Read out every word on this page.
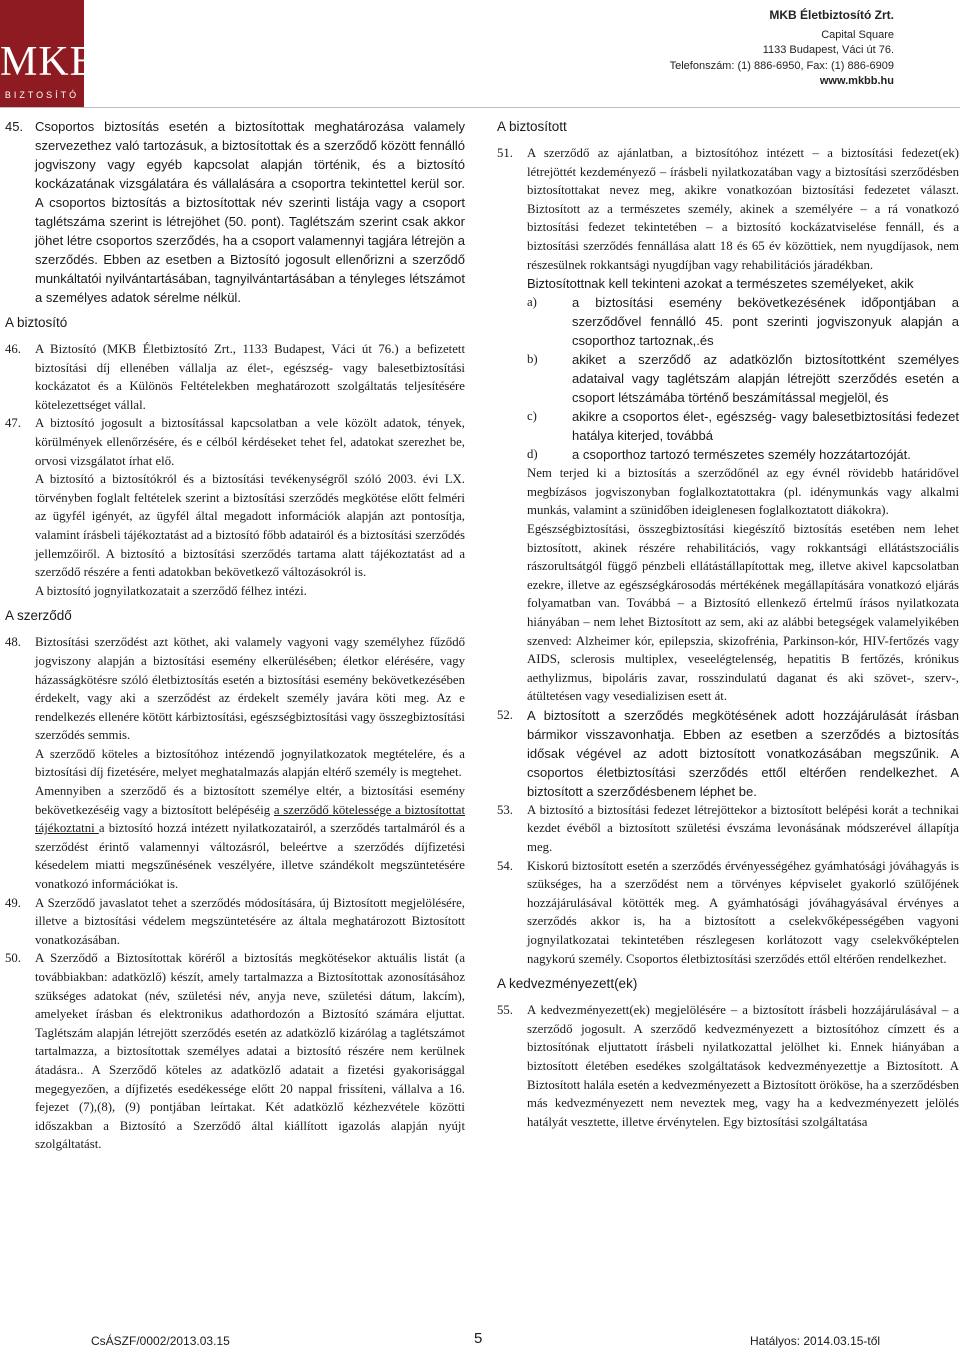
MKB
BIZTOSÍTÓ
MKB Életbiztosító Zrt.
Capital Square
1133 Budapest, Váci út 76.
Telefonszám: (1) 886-6950, Fax: (1) 886-6909
www.mkbb.hu
45. Csoportos biztosítás esetén a biztosítottak meghatározása valamely szervezethez való tartozásuk, a biztosítottak és a szerződő között fennálló jogviszony vagy egyéb kapcsolat alapján történik, és a biztosító kockázatának vizsgálatára és vállalására a csoportra tekintettel kerül sor. A csoportos biztosítás a biztosítottak név szerinti listája vagy a csoport taglétszáma szerint is létrejöhet (50. pont). Taglétszám szerint csak akkor jöhet létre csoportos szerződés, ha a csoport valamennyi tagjára létrejön a szerződés. Ebben az esetben a Biztosító jogosult ellenőrizni a szerződő munkáltatói nyilvántartásában, tagnyilvántartásában a tényleges létszámot a személyes adatok sérelme nélkül.
A biztosító
46. A Biztosító (MKB Életbiztosító Zrt., 1133 Budapest, Váci út 76.) a befizetett biztosítási díj ellenében vállalja az élet-, egészség- vagy balesetbiztosítási kockázatot és a Különös Feltételekben meghatározott szolgáltatás teljesítésére kötelezettséget vállal.
47. A biztosító jogosult a biztosítással kapcsolatban a vele közölt adatok, tények, körülmények ellenőrzésére, és e célból kérdéseket tehet fel, adatokat szerezhet be, orvosi vizsgálatot írhat elő.
A biztosító a biztosítókról és a biztosítási tevékenységről szóló 2003. évi LX. törvényben foglalt feltételek szerint a biztosítási szerződés megkötése előtt felméri az ügyfél igényét, az ügyfél által megadott információk alapján azt pontosítja, valamint írásbeli tájékoztatást ad a biztosító főbb adatairól és a biztosítási szerződés jellemzőiről. A biztosító a biztosítási szerződés tartama alatt tájékoztatást ad a szerződő részére a fenti adatokban bekövetkező változásokról is.
A biztosító jognyilatkozatait a szerződő félhez intézi.
A szerződő
48. Biztosítási szerződést azt köthet, aki valamely vagyoni vagy személyhez fűződő jogviszony alapján a biztosítási esemény elkerülésében; életkor elérésére, vagy házasságkötésre szóló életbiztosítás esetén a biztosítási esemény bekövetkezésében érdekelt, vagy aki a szerződést az érdekelt személy javára köti meg. Az e rendelkezés ellenére kötött kárbiztosítási, egészségbiztosítási vagy összegbiztosítási szerződés semmis.
A szerződő köteles a biztosítóhoz intézendő jognyilatkozatok megtételére, és a biztosítási díj fizetésére, melyet meghatalmazás alapján eltérő személy is megtehet.
Amennyiben a szerződő és a biztosított személye eltér, a biztosítási esemény bekövetkezéséig vagy a biztosított belépéséig a szerződő kötelessége a biztosítottat tájékoztatni a biztosító hozzá intézett nyilatkozatairól, a szerződés tartalmáról és a szerződést érintő valamennyi változásról, beleértve a szerződés díjfizetési késedelem miatti megszűnésének veszélyére, illetve szándékolt megszüntetésére vonatkozó információkat is.
49. A Szerződő javaslatot tehet a szerződés módosítására, új Biztosított megjelölésére, illetve a biztosítási védelem megszüntetésére az általa meghatározott Biztosított vonatkozásában.
50. A Szerződő a Biztosítottak köréről a biztosítás megkötésekor aktuális listát (a továbbiakban: adatközlő) készít, amely tartalmazza a Biztosítottak azonosításához szükséges adatokat (név, születési név, anyja neve, születési dátum, lakcím), amelyeket írásban és elektronikus adathordozón a Biztosító számára eljuttat. Taglétszám alapján létrejött szerződés esetén az adatközlő kizárólag a taglétszámot tartalmazza, a biztosítottak személyes adatai a biztosító részére nem kerülnek átadásra.. A Szerződő köteles az adatközlő adatait a fizetési gyakorisággal megegyezően, a díjfizetés esedékessége előtt 20 nappal frissíteni, vállalva a 16. fejezet (7),(8), (9) pontjában leírtakat. Két adatközlő kézhezvétele közötti időszakban a Biztosító a Szerződő által kiállított igazolás alapján nyújt szolgáltatást.
A biztosított
51. A szerződő az ajánlatban, a biztosítóhoz intézett – a biztosítási fedezet(ek) létrejöttét kezdeményező – írásbeli nyilatkozatában vagy a biztosítási szerződésben biztosítottakat nevez meg, akikre vonatkozóan biztosítási fedezetet választ. Biztosított az a természetes személy, akinek a személyére – a rá vonatkozó biztosítási fedezet tekintetében – a biztosító kockázatviselése fennáll, és a biztosítási szerződés fennállása alatt 18 és 65 év közöttiek, nem nyugdíjasok, nem részesülnek rokkantsági nyugdíjban vagy rehabilitációs járadékban.
Biztosítottnak kell tekinteni azokat a természetes személyeket, akik
a)	a biztosítási esemény bekövetkezésének időpontjában a szerződővel fennálló 45. pont szerinti jogviszonyuk alapján a csoporthoz tartoznak,.és
b)	akiket a szerződő az adatközlőn biztosítottként személyes adataival vagy taglétszám alapján létrejött szerződés esetén a csoport létszámába történő beszámítással megjelöl, és
c)	akikre a csoportos élet-, egészség- vagy balesetbiztosítási fedezet hatálya kiterjed, továbbá
d)	a csoporthoz tartozó természetes személy hozzátartozóját.
Nem terjed ki a biztosítás a szerződőnél az egy évnél rövidebb határidővel megbízásos jogviszonyban foglalkoztatottakra (pl. idénymunkás vagy alkalmi munkás, valamint a szünidőben ideiglenesen foglalkoztatott diákokra).
Egészségbiztosítási, összegbiztosítási kiegészítő biztosítás esetében nem lehet biztosított, akinek részére rehabilitációs, vagy rokkantsági ellátástszociális rászorultsátgól függő pénzbeli ellátástállapítottak meg, illetve akivel kapcsolatban ezekre, illetve az egészségkárosodás mértékének megállapítására vonatkozó eljárás folyamatban van. Továbbá – a Biztosító ellenkező értelmű írásos nyilatkozata hiányában – nem lehet Biztosított az sem, aki az alábbi betegségek valamelyikében szenved: Alzheimer kór, epilepszia, skizofrénia, Parkinson-kór, HIV-fertőzés vagy AIDS, sclerosis multiplex, veseelégtelenség, hepatitis B fertőzés, krónikus aethylizmus, bipoláris zavar, rosszindulatú daganat és aki szövet-, szerv-, átültetésen vagy vesedializisen esett át.
52. A biztosított a szerződés megkötésének adott hozzájárulását írásban bármikor visszavonhatja. Ebben az esetben a szerződés a biztosítás idősak végével az adott biztosított vonatkozásában megszűnik. A csoportos életbiztosítási szerződés ettől eltérően rendelkezhet. A biztosított a szerződésbenem léphet be.
53. A biztosító a biztosítási fedezet létrejöttekor a biztosított belépési korát a technikai kezdet évéből a biztosított születési évszáma levonásának módszerével állapítja meg.
54. Kiskorú biztosított esetén a szerződés érvényességéhez gyámhatósági jóváhagyás is szükséges, ha a szerződést nem a törvényes képviselet gyakorló szülőjének hozzájárulásával kötötték meg. A gyámhatósági jóváhagyásával érvényes a szerződés akkor is, ha a biztosított a cselekvőképességében vagyoni jognyilatkozatai tekintetében részlegesen korlátozott vagy cselekvőképtelen nagykorú személy. Csoportos életbiztosítási szerződés ettől eltérően rendelkezhet.
A kedvezményezett(ek)
55. A kedvezményezett(ek) megjelölésére – a biztosított írásbeli hozzájárulásával – a szerződő jogosult. A szerződő kedvezményezett a biztosítóhoz címzett és a biztosítónak eljuttatott írásbeli nyilatkozattal jelölhet ki. Ennek hiányában a biztosított életében esedékes szolgáltatások kedvezményezettje a Biztosított. A Biztosított halála esetén a kedvezményezett a Biztosított örököse, ha a szerződésben más kedvezményezett nem neveztek meg, vagy ha a kedvezményezett jelölés hatályát vesztette, illetve érvénytelen. Egy biztosítási szolgáltatása
CsÁSZF/0002/2013.03.15	5	Hatályos: 2014.03.15-től
